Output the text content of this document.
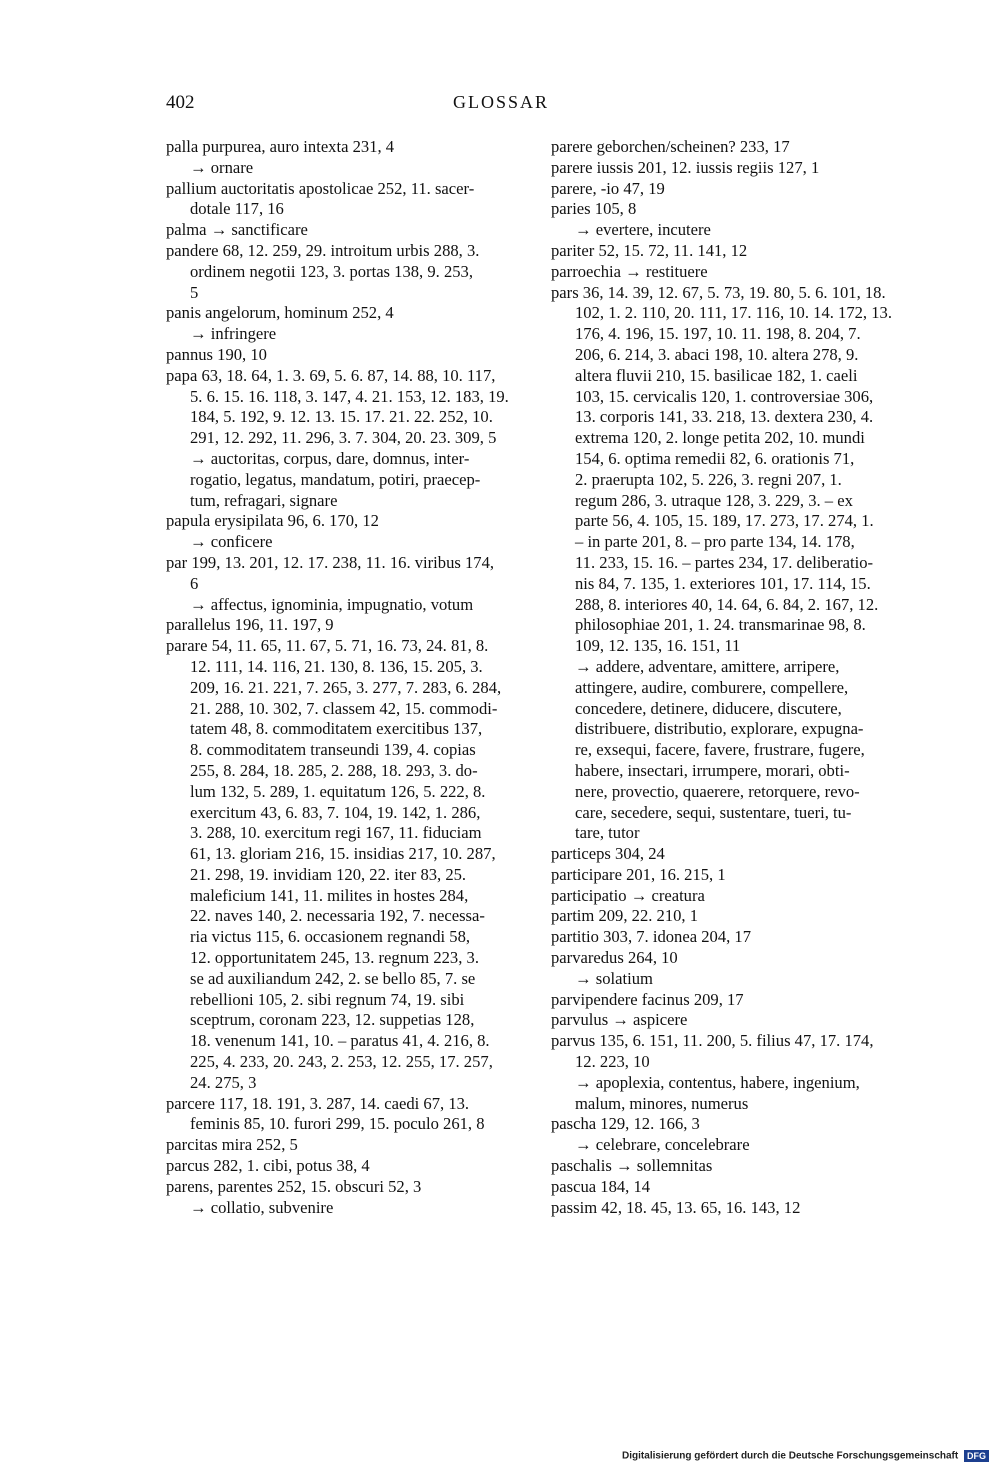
402	GLOSSAR
palla purpurea, auro intexta 231, 4
→ ornare
pallium auctoritatis apostolicae 252, 11. sacer-
dotale 117, 16
palma → sanctificare
pandere 68, 12. 259, 29. introitum urbis 288, 3.
ordinem negotii 123, 3. portas 138, 9. 253,
5
panis angelorum, hominum 252, 4
→ infringere
pannus 190, 10
papa 63, 18. 64, 1. 3. 69, 5. 6. 87, 14. 88, 10. 117,
5. 6. 15. 16. 118, 3. 147, 4. 21. 153, 12. 183, 19.
184, 5. 192, 9. 12. 13. 15. 17. 21. 22. 252, 10.
291, 12. 292, 11. 296, 3. 7. 304, 20. 23. 309, 5
→ auctoritas, corpus, dare, domnus, inter-
rogatio, legatus, mandatum, potiri, praecep-
tum, refragari, signare
papula erysipilata 96, 6. 170, 12
→ conficere
par 199, 13. 201, 12. 17. 238, 11. 16. viribus 174,
6
→ affectus, ignominia, impugnatio, votum
parallelus 196, 11. 197, 9
parare 54, 11. 65, 11. 67, 5. 71, 16. 73, 24. 81, 8.
12. 111, 14. 116, 21. 130, 8. 136, 15. 205, 3.
209, 16. 21. 221, 7. 265, 3. 277, 7. 283, 6. 284,
21. 288, 10. 302, 7. classem 42, 15. commodi-
tatem 48, 8. commoditatem exercitibus 137,
8. commoditatem transeundi 139, 4. copias
255, 8. 284, 18. 285, 2. 288, 18. 293, 3. do-
lum 132, 5. 289, 1. equitatum 126, 5. 222, 8.
exercitum 43, 6. 83, 7. 104, 19. 142, 1. 286,
3. 288, 10. exercitum regi 167, 11. fiduciam
61, 13. gloriam 216, 15. insidias 217, 10. 287,
21. 298, 19. invidiam 120, 22. iter 83, 25.
maleficium 141, 11. milites in hostes 284,
22. naves 140, 2. necessaria 192, 7. necessa-
ria victus 115, 6. occasionem regnandi 58,
12. opportunitatem 245, 13. regnum 223, 3.
se ad auxiliandum 242, 2. se bello 85, 7. se
rebellioni 105, 2. sibi regnum 74, 19. sibi
sceptrum, coronam 223, 12. suppetias 128,
18. venenum 141, 10. – paratus 41, 4. 216, 8.
225, 4. 233, 20. 243, 2. 253, 12. 255, 17. 257,
24. 275, 3
parcere 117, 18. 191, 3. 287, 14. caedi 67, 13.
feminis 85, 10. furori 299, 15. poculo 261, 8
parcitas mira 252, 5
parcus 282, 1. cibi, potus 38, 4
parens, parentes 252, 15. obscuri 52, 3
→ collatio, subvenire
parere geborchen/scheinen? 233, 17
parere iussis 201, 12. iussis regiis 127, 1
parere, -io 47, 19
paries 105, 8
→ evertere, incutere
pariter 52, 15. 72, 11. 141, 12
parroechia → restituere
pars 36, 14. 39, 12. 67, 5. 73, 19. 80, 5. 6. 101, 18.
102, 1. 2. 110, 20. 111, 17. 116, 10. 14. 172, 13.
176, 4. 196, 15. 197, 10. 11. 198, 8. 204, 7.
206, 6. 214, 3. abaci 198, 10. altera 278, 9.
altera fluvii 210, 15. basilicae 182, 1. caeli
103, 15. cervicalis 120, 1. controversiae 306,
13. corporis 141, 33. 218, 13. dextera 230, 4.
extrema 120, 2. longe petita 202, 10. mundi
154, 6. optima remedii 82, 6. orationis 71,
2. praerupta 102, 5. 226, 3. regni 207, 1.
regum 286, 3. utraque 128, 3. 229, 3. – ex
parte 56, 4. 105, 15. 189, 17. 273, 17. 274, 1.
– in parte 201, 8. – pro parte 134, 14. 178,
11. 233, 15. 16. – partes 234, 17. deliberatio-
nis 84, 7. 135, 1. exteriores 101, 17. 114, 15.
288, 8. interiores 40, 14. 64, 6. 84, 2. 167, 12.
philosophiae 201, 1. 24. transmarinae 98, 8.
109, 12. 135, 16. 151, 11
→ addere, adventare, amittere, arripere,
attingere, audire, comburere, compellere,
concedere, detinere, diducere, discutere,
distribuere, distributio, explorare, expugna-
re, exsequi, facere, favere, frustrare, fugere,
habere, insectari, irrumpere, morari, obti-
nere, provectio, quaerere, retorquere, revo-
care, secedere, sequi, sustentare, tueri, tu-
tare, tutor
particeps 304, 24
participare 201, 16. 215, 1
participatio → creatura
partim 209, 22. 210, 1
partitio 303, 7. idonea 204, 17
parvaredus 264, 10
→ solatium
parvipendere facinus 209, 17
parvulus → aspicere
parvus 135, 6. 151, 11. 200, 5. filius 47, 17. 174,
12. 223, 10
→ apoplexia, contentus, habere, ingenium,
malum, minores, numerus
pascha 129, 12. 166, 3
→ celebrare, concelebrare
paschalis → sollemnitas
pascua 184, 14
passim 42, 18. 45, 13. 65, 16. 143, 12
Digitalisierung gefördert durch die Deutsche Forschungsgemeinschaft DFG
